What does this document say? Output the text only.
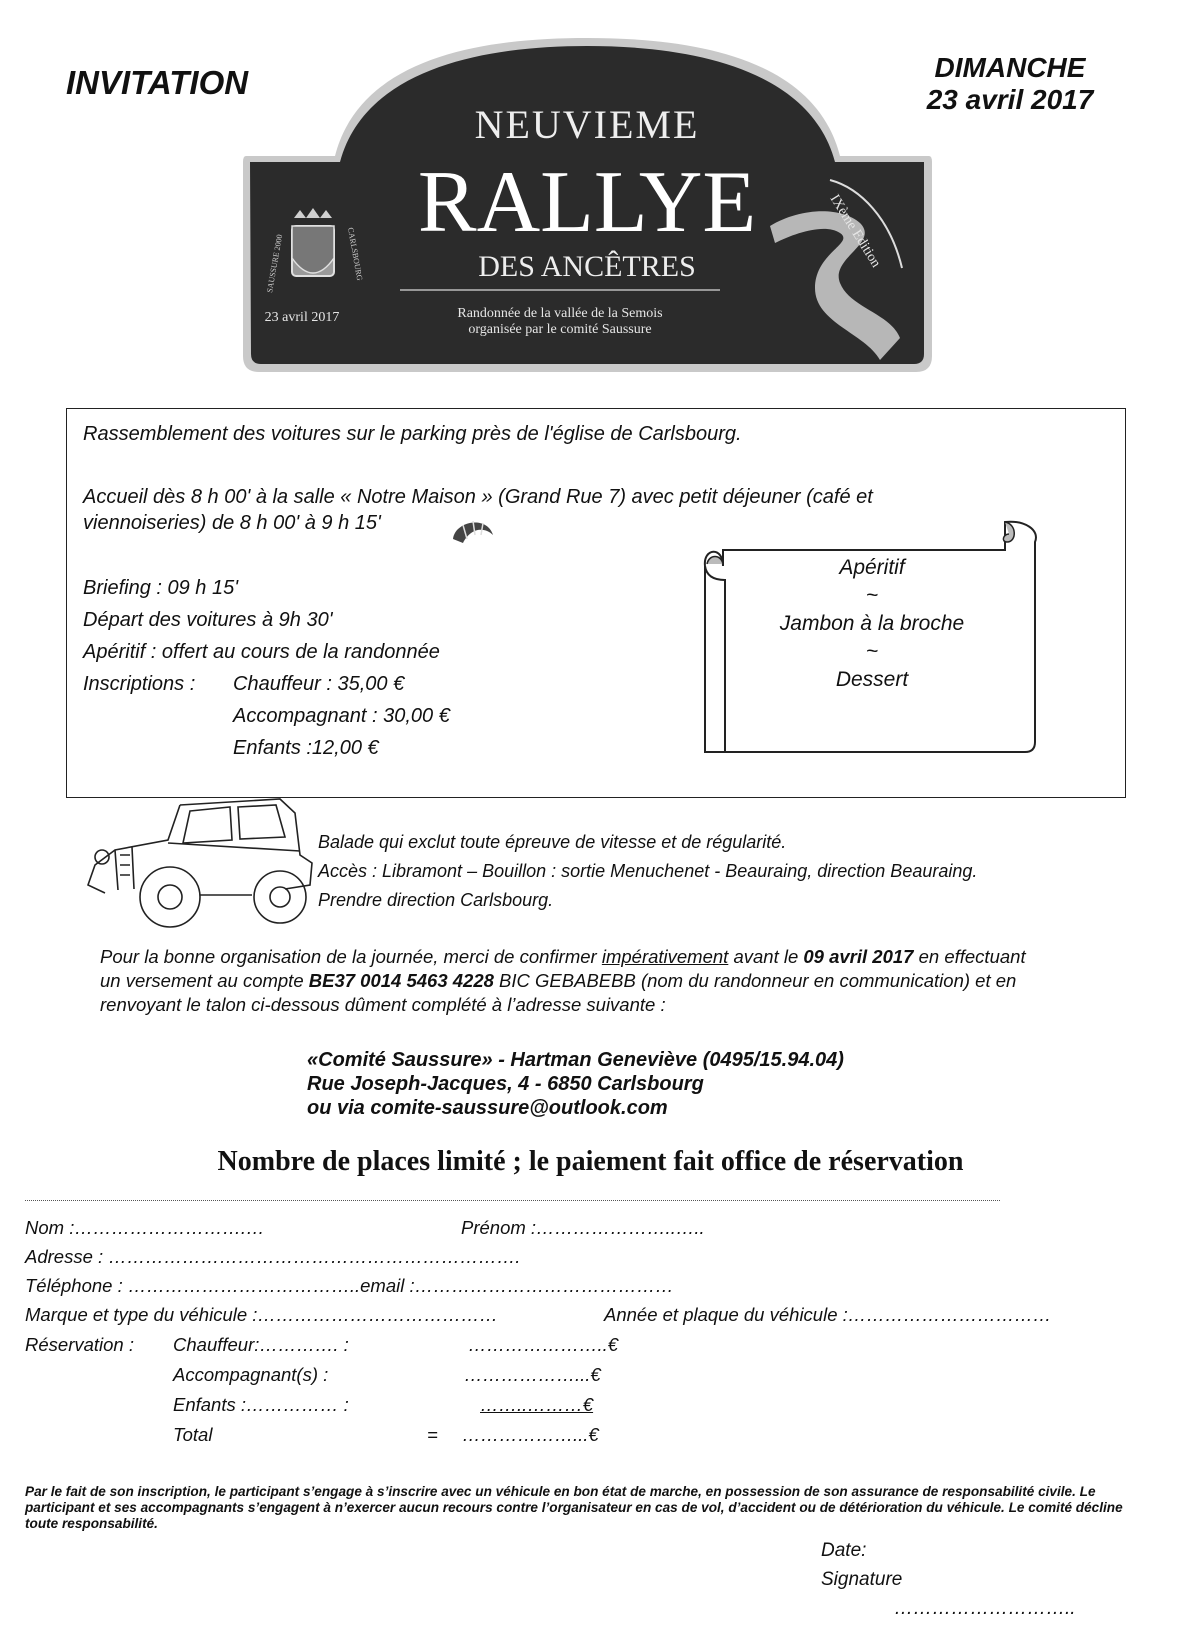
INVITATION	DIMANCHE
23 avril 2017
SAUSSURE 2000	CARLSBOURG
NEUVIEME
RALLYE
DES ANCÊTRES
Randonnée de la vallée de la Semois
organisée par le comité Saussure
23 avril 2017
IXème Edition
Rassemblement des voitures sur le parking près de l'église de Carlsbourg.
Accueil dès 8 h 00' à la salle « Notre Maison » (Grand Rue 7) avec petit déjeuner (café et
viennoiseries) de 8 h 00' à 9 h 15'
Briefing : 09 h 15'
Départ des voitures à 9h 30'
Apéritif : offert au cours de la randonnée
Inscriptions : Chauffeur : 35,00 €
Accompagnant : 30,00 €
Enfants :12,00 €
Apéritif
~
Jambon à la broche
~
Dessert
Balade qui exclut toute épreuve de vitesse et de régularité.
Accès : Libramont – Bouillon : sortie Menuchenet - Beauraing, direction Beauraing.
Prendre direction Carlsbourg.
Pour la bonne organisation de la journée, merci de confirmer impérativement avant le 09 avril 2017 en effectuant
un versement au compte BE37 0014 5463 4228 BIC GEBABEBB (nom du randonneur en communication) et en
renvoyant le talon ci-dessous dûment complété à l’adresse suivante :
«Comité Saussure» - Hartman Geneviève (0495/15.94.04)
Rue Joseph-Jacques, 4 - 6850 Carlsbourg
ou via comite-saussure@outlook.com
Nombre de places limité ; le paiement fait office de réservation
Nom :……………………….…	Prénom :…………………..…..
Adresse : ………………………………………………………….
Téléphone : ………………………………..email :……………………………………
Marque et type du véhicule :…………………………………	Année et plaque du véhicule :……………………………
Réservation : Chauffeur:…………. :	…………………..€
Accompagnant(s) :	………………...€
Enfants :…………… :	……..………€
Total	= ………………...€
Par le fait de son inscription, le participant s’engage à s’inscrire avec un véhicule en bon état de marche, en possession de son assurance de responsabilité civile. Le participant et ses accompagnants s’engagent à n’exercer aucun recours contre l’organisateur en cas de vol, d’accident ou de détérioration du véhicule. Le comité décline toute responsabilité.
Date:
Signature
………………………..
